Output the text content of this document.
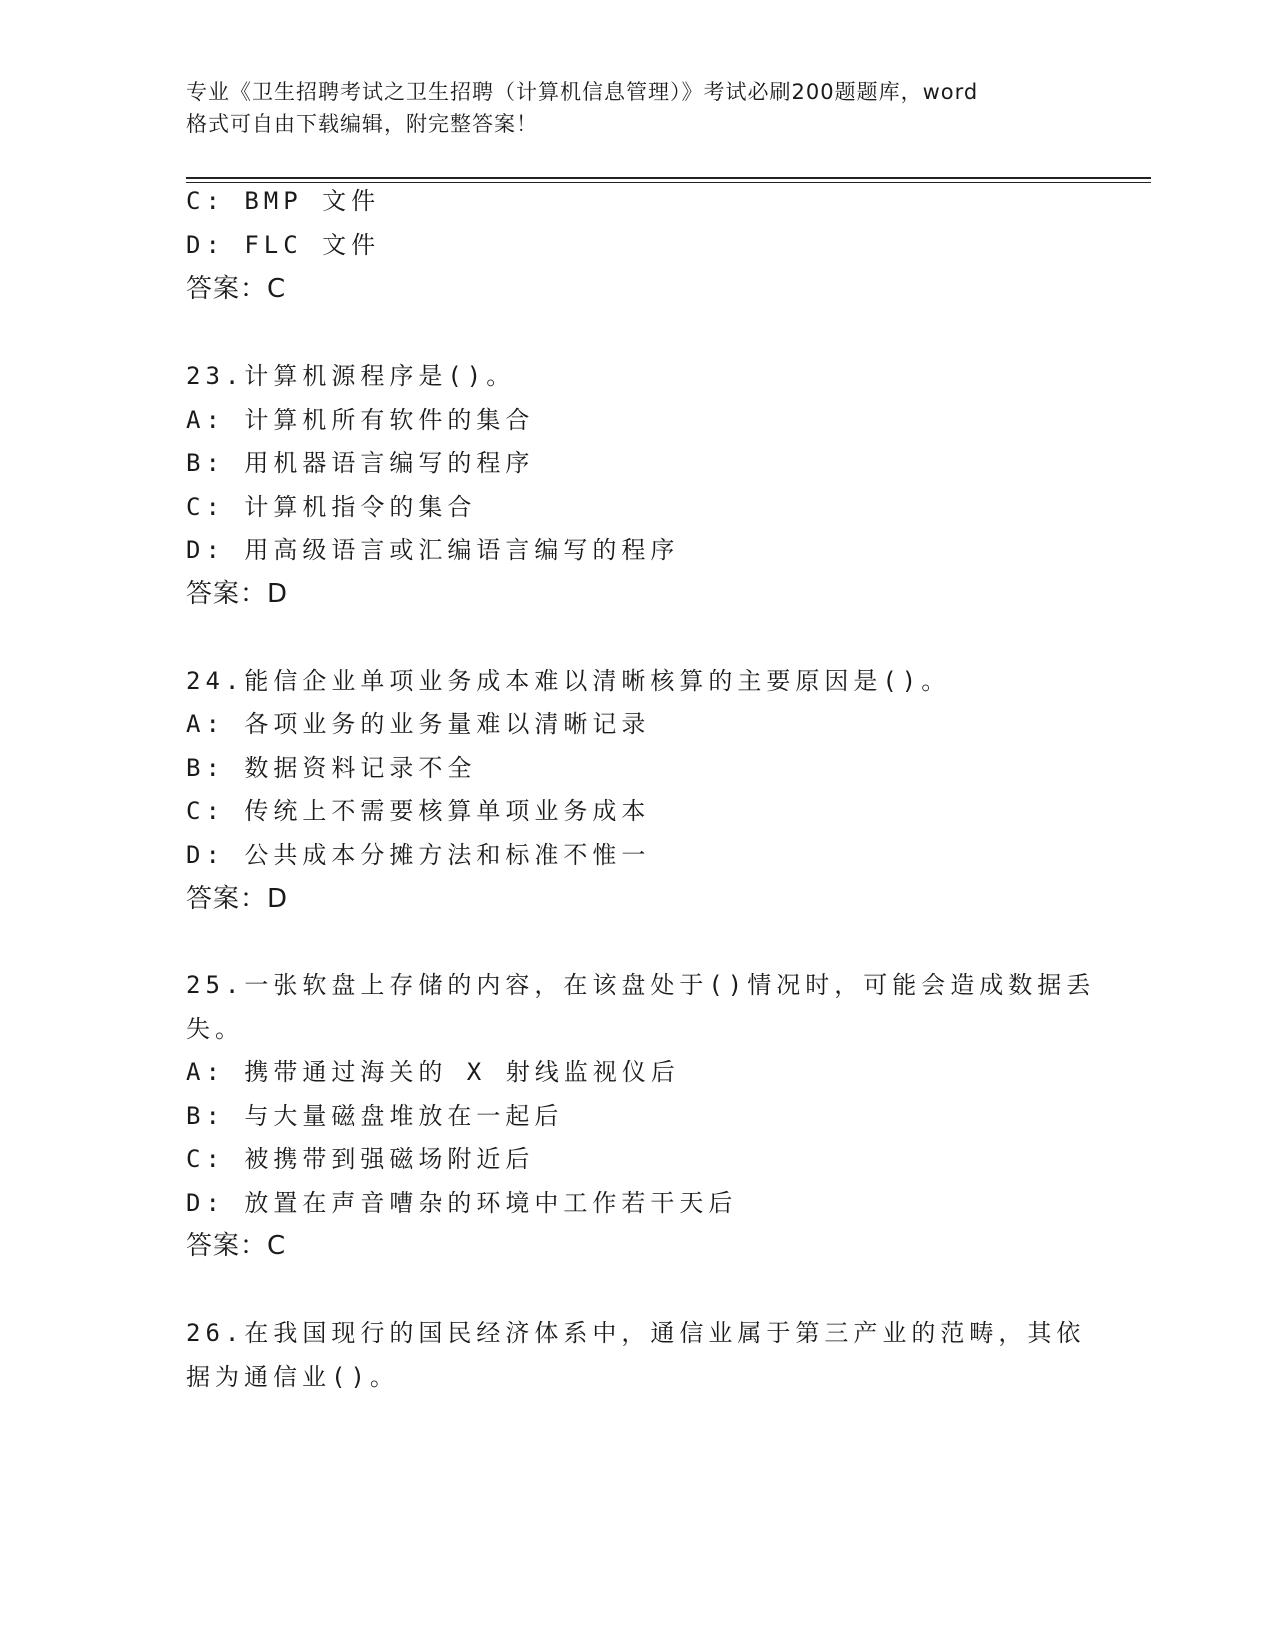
专业《卫生招聘考试之卫生招聘（计算机信息管理）》考试必刷200题题库，word
格式可自由下载编辑，附完整答案！
C: BMP 文件
D: FLC 文件
答案：C
23.计算机源程序是()。
A: 计算机所有软件的集合
B: 用机器语言编写的程序
C: 计算机指令的集合
D: 用高级语言或汇编语言编写的程序
答案：D
24.能信企业单项业务成本难以清晰核算的主要原因是()。
A: 各项业务的业务量难以清晰记录
B: 数据资料记录不全
C: 传统上不需要核算单项业务成本
D: 公共成本分摊方法和标准不惟一
答案：D
25.一张软盘上存储的内容，在该盘处于()情况时，可能会造成数据丢
失。
A: 携带通过海关的 X 射线监视仪后
B: 与大量磁盘堆放在一起后
C: 被携带到强磁场附近后
D: 放置在声音嘈杂的环境中工作若干天后
答案：C
26.在我国现行的国民经济体系中，通信业属于第三产业的范畴，其依
据为通信业()。
